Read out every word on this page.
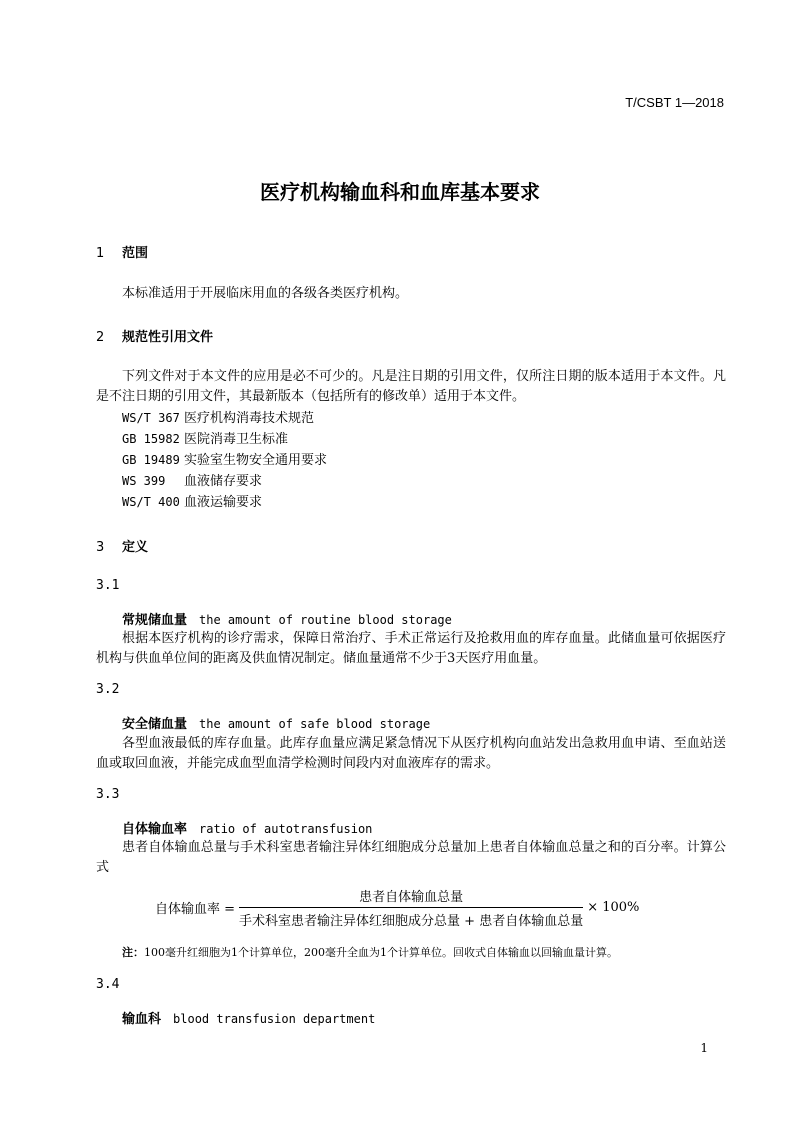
T/CSBT 1—2018
医疗机构输血科和血库基本要求
1 范围
本标准适用于开展临床用血的各级各类医疗机构。
2 规范性引用文件
下列文件对于本文件的应用是必不可少的。凡是注日期的引用文件，仅所注日期的版本适用于本文件。凡是不注日期的引用文件，其最新版本（包括所有的修改单）适用于本文件。
WS/T 367 医疗机构消毒技术规范
GB 15982 医院消毒卫生标准
GB 19489 实验室生物安全通用要求
WS 399 血液储存要求
WS/T 400 血液运输要求
3 定义
3.1
常规储血量 the amount of routine blood storage
根据本医疗机构的诊疗需求，保障日常治疗、手术正常运行及抢救用血的库存血量。此储血量可依据医疗机构与供血单位间的距离及供血情况制定。储血量通常不少于3天医疗用血量。
3.2
安全储血量 the amount of safe blood storage
各型血液最低的库存血量。此库存血量应满足紧急情况下从医疗机构向血站发出急救用血申请、至血站送血或取回血液，并能完成血型血清学检测时间段内对血液库存的需求。
3.3
自体输血率 ratio of autotransfusion
患者自体输血总量与手术科室患者输注异体红细胞成分总量加上患者自体输血总量之和的百分率。计算公式
自体输血率 = $\frac{\text{患者自体输血总量}}{\text{手术科室患者输注异体红细胞成分总量 + 患者自体输血总量}} \times 100\%$
注：100毫升红细胞为1个计算单位，200毫升全血为1个计算单位。回收式自体输血以回输血量计算。
3.4
输血科 blood transfusion department
1
